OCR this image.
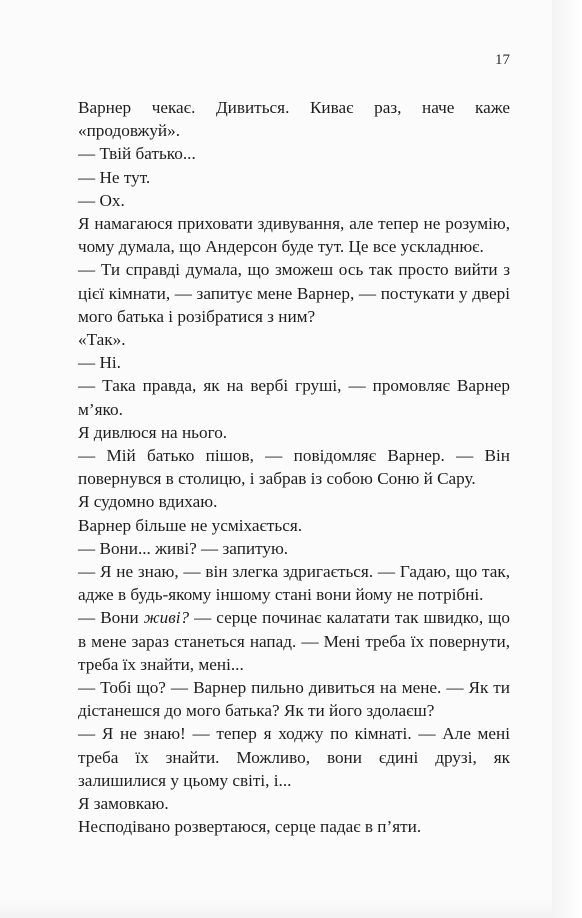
17

Варнер чекає. Дивиться. Киває раз, наче каже «продовжуй».

— Твій батько...

— Не тут.

— Ох.

Я намагаюся приховати здивування, але тепер не розумію, чому думала, що Андерсон буде тут. Це все ускладнює.

— Ти справді думала, що зможеш ось так просто вийти з цієї кімнати, — запитує мене Варнер, — постукати у двері мого батька і розібратися з ним?

«Так».

— Ні.

— Така правда, як на вербі груші, — промовляє Варнер м’яко.

Я дивлюся на нього.

— Мій батько пішов, — повідомляє Варнер. — Він повернувся в столицю, і забрав із собою Соню й Сару.

Я судомно вдихаю.

Варнер більше не усміхається.

— Вони... живі? — запитую.

— Я не знаю, — він злегка здригається. — Гадаю, що так, адже в будь-якому іншому стані вони йому не потрібні.

— Вони живі? — серце починає калатати так швидко, що в мене зараз станеться напад. — Мені треба їх повернути, треба їх знайти, мені...

— Тобі що? — Варнер пильно дивиться на мене. — Як ти дістанешся до мого батька? Як ти його здолаєш?

— Я не знаю! — тепер я ходжу по кімнаті. — Але мені треба їх знайти. Можливо, вони єдині друзі, як залишилися у цьому світі, і...

Я замовкаю.

Несподівано розвертаюся, серце падає в п’яти.
